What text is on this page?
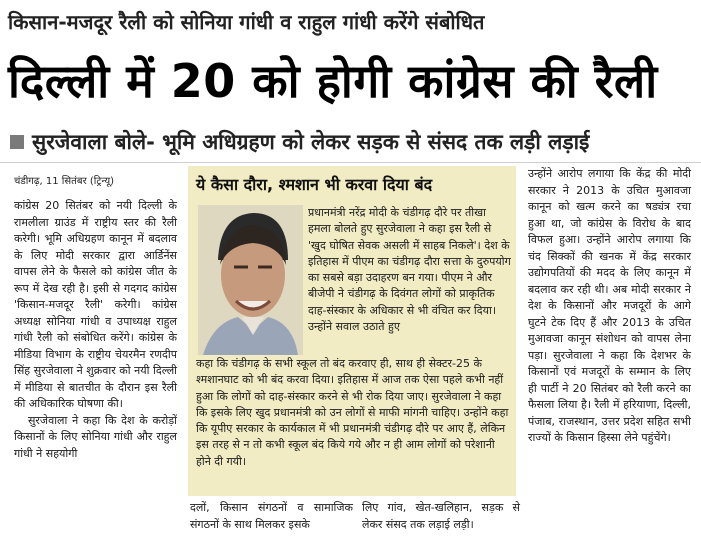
किसान-मजदूर रैली को सोनिया गांधी व राहुल गांधी करेंगे संबोधित
दिल्ली में 20 को होगी कांग्रेस की रैली
सुरजेवाला बोले- भूमि अधिग्रहण को लेकर सड़क से संसद तक लड़ी लड़ाई
चंडीगढ़, 11 सितंबर (ट्रिन्यू)

कांग्रेस 20 सितंबर को नयी दिल्ली के रामलीला ग्राउंड में राष्ट्रीय स्तर की रैली करेगी। भूमि अधिग्रहण कानून में बदलाव के लिए मोदी सरकार द्वारा आर्डिनेंस वापस लेने के फैसले को कांग्रेस जीत के रूप में देख रही है। इसी से गदगद कांग्रेस 'किसान-मजदूर रैली' करेगी। कांग्रेस अध्यक्ष सोनिया गांधी व उपाध्यक्ष राहुल गांधी रैली को संबोधित करेंगे। कांग्रेस के मीडिया विभाग के राष्ट्रीय चेयरमैन रणदीप सिंह सुरजेवाला ने शुक्रवार को नयी दिल्ली में मीडिया से बातचीत के दौरान इस रैली की अधिकारिक घोषणा की।

सुरजेवाला ने कहा कि देश के करोड़ों किसानों के लिए सोनिया गांधी और राहुल गांधी ने सहयोगी

ये कैसा दौरा, श्मशान भी करवा दिया बंद
प्रधानमंत्री नरेंद्र मोदी के चंडीगढ़ दौरे पर तीखा हमला बोलते हुए सुरजेवाला ने कहा इस रैली से 'खुद घोषित सेवक असली में साहब निकले'। देश के इतिहास में पीएम का चंडीगढ़ दौरा सत्ता के दुरुपयोग का सबसे बड़ा उदाहरण बन गया। पीएम ने और बीजेपी ने चंडीगढ़ के दिवंगत लोगों को प्राकृतिक दाह-संस्कार के अधिकार से भी वंचित कर दिया। उन्होंने सवाल उठाते हुए
कहा कि चंडीगढ़ के सभी स्कूल तो बंद करवाए ही, साथ ही सेक्टर-25 के श्मशानघाट को भी बंद करवा दिया। इतिहास में आज तक ऐसा पहले कभी नहीं हुआ कि लोगों को दाह-संस्कार करने से भी रोक दिया जाए। सुरजेवाला ने कहा कि इसके लिए खुद प्रधानमंत्री को उन लोगों से माफी मांगनी चाहिए। उन्होंने कहा कि यूपीए सरकार के कार्यकाल में भी प्रधानमंत्री चंडीगढ़ दौरे पर आए हैं, लेकिन इस तरह से न तो कभी स्कूल बंद किये गये और न ही आम लोगों को परेशानी होने दी गयी।
दलों, किसान संगठनों व सामाजिक संगठनों के साथ मिलकर इसके
लिए गांव, खेत-खलिहान, सड़क से लेकर संसद तक लड़ाई लड़ी।

उन्होंने आरोप लगाया कि केंद्र की मोदी सरकार ने 2013 के उचित मुआवजा कानून को खत्म करने का षड्यंत्र रचा हुआ था, जो कांग्रेस के विरोध के बाद विफल हुआ। उन्होंने आरोप लगाया कि चंद सिक्कों की खनक में केंद्र सरकार उद्योगपतियों की मदद के लिए कानून में बदलाव कर रही थी। अब मोदी सरकार ने देश के किसानों और मजदूरों के आगे घुटने टेक दिए हैं और 2013 के उचित मुआवजा कानून संशोधन को वापस लेना पड़ा। सुरजेवाला ने कहा कि देशभर के किसानों एवं मजदूरों के सम्मान के लिए ही पार्टी ने 20 सितंबर को रैली करने का फैसला लिया है। रैली में हरियाणा, दिल्ली, पंजाब, राजस्थान, उत्तर प्रदेश सहित सभी राज्यों के किसान हिस्सा लेने पहुंचेंगे।
